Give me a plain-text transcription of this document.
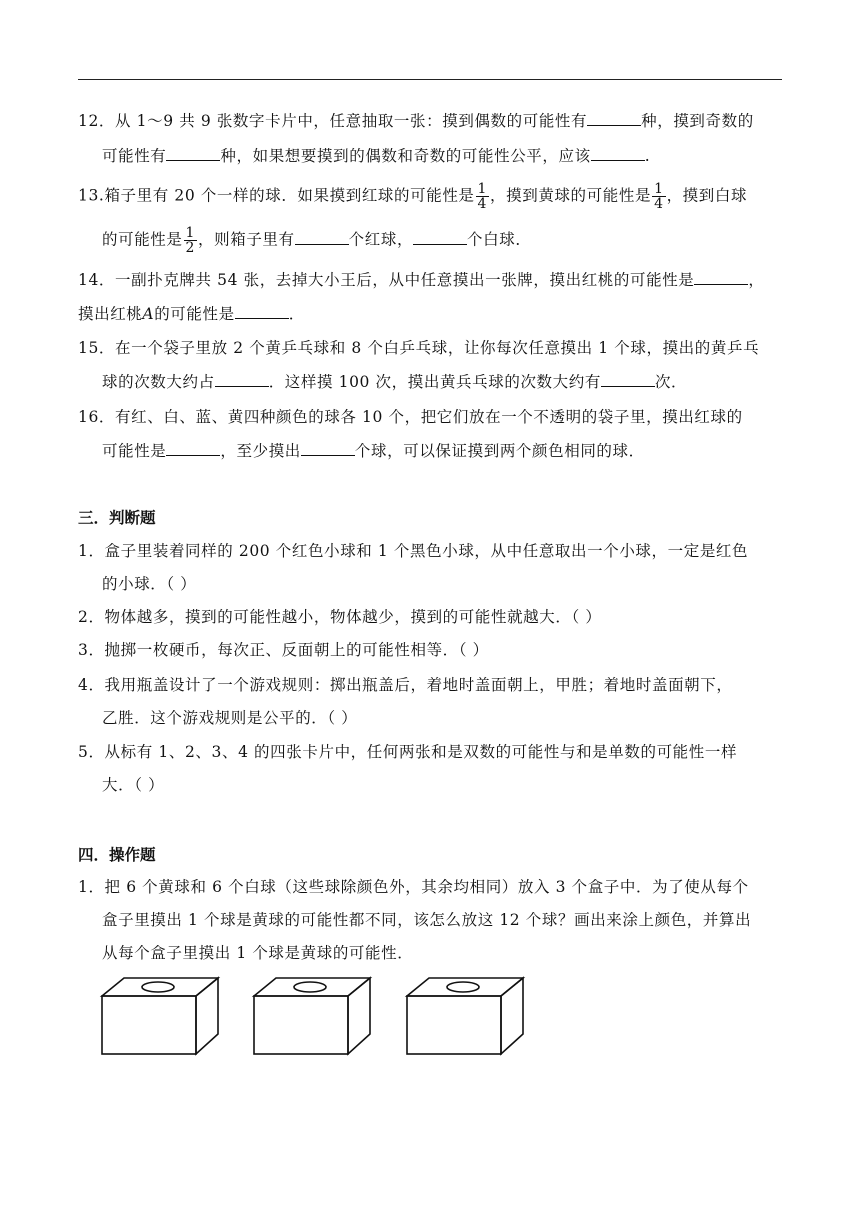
12．从 1～9 共 9 张数字卡片中，任意抽取一张：摸到偶数的可能性有	种，摸到奇数的
可能性有	种，如果想要摸到的偶数和奇数的可能性公平，应该	.
13.箱子里有 20 个一样的球．如果摸到红球的可能性是 $\frac{1}{4}$ ，摸到黄球的可能性是 $\frac{1}{4}$ ，摸到白球
的可能性是 $\frac{1}{2}$ ，则箱子里有	个红球，	个白球．
14．一副扑克牌共 54 张，去掉大小王后，从中任意摸出一张牌，摸出红桃的可能性是	，
摸出红桃A的可能性是	．
15．在一个袋子里放 2 个黄乒乓球和 8 个白乒乓球，让你每次任意摸出 1 个球，摸出的黄乒乓
球的次数大约占	．这样摸 100 次，摸出黄兵乓球的次数大约有	次．
16．有红、白、蓝、黄四种颜色的球各 10 个，把它们放在一个不透明的袋子里，摸出红球的
可能性是	，至少摸出	个球，可以保证摸到两个颜色相同的球．
三．判断题
1．盒子里装着同样的 200 个红色小球和 1 个黑色小球，从中任意取出一个小球，一定是红色
的小球．（ ）
2．物体越多，摸到的可能性越小，物体越少，摸到的可能性就越大．（ ）
3．抛掷一枚硬币，每次正、反面朝上的可能性相等．（ ）
4．我用瓶盖设计了一个游戏规则：掷出瓶盖后，着地时盖面朝上，甲胜；着地时盖面朝下，
乙胜．这个游戏规则是公平的．（ ）
5．从标有 1、2、3、4 的四张卡片中，任何两张和是双数的可能性与和是单数的可能性一样
大．（ ）
四．操作题
1．把 6 个黄球和 6 个白球（这些球除颜色外，其余均相同）放入 3 个盒子中．为了使从每个
盒子里摸出 1 个球是黄球的可能性都不同，该怎么放这 12 个球？画出来涂上颜色，并算出
从每个盒子里摸出 1 个球是黄球的可能性．
